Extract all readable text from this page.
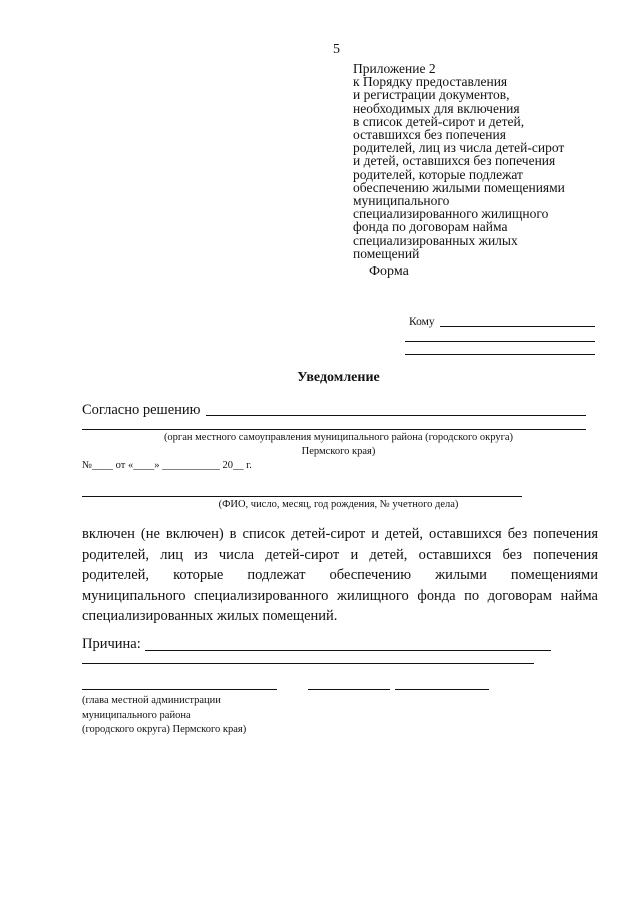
5
Приложение 2
к Порядку предоставления
и регистрации документов,
необходимых для включения
в список детей-сирот и детей,
оставшихся без попечения
родителей, лиц из числа детей-сирот
и детей, оставшихся без попечения
родителей, которые подлежат
обеспечению жилыми помещениями
муниципального
специализированного жилищного
фонда по договорам найма
специализированных жилых
помещений
Форма
Кому
Уведомление
Согласно решению
(орган местного самоуправления муниципального района (городского округа)
Пермского края)
№____ от «____» ___________ 20__ г.
(ФИО, число, месяц, год рождения, № учетного дела)
включен (не включен) в список детей-сирот и детей, оставшихся без попечения
родителей, лиц из числа детей-сирот и детей, оставшихся без попечения
родителей, которые подлежат обеспечению жилыми помещениями
муниципального специализированного жилищного фонда по договорам найма
специализированных жилых помещений.
Причина:
(глава местной администрации
муниципального района
(городского округа) Пермского края)
